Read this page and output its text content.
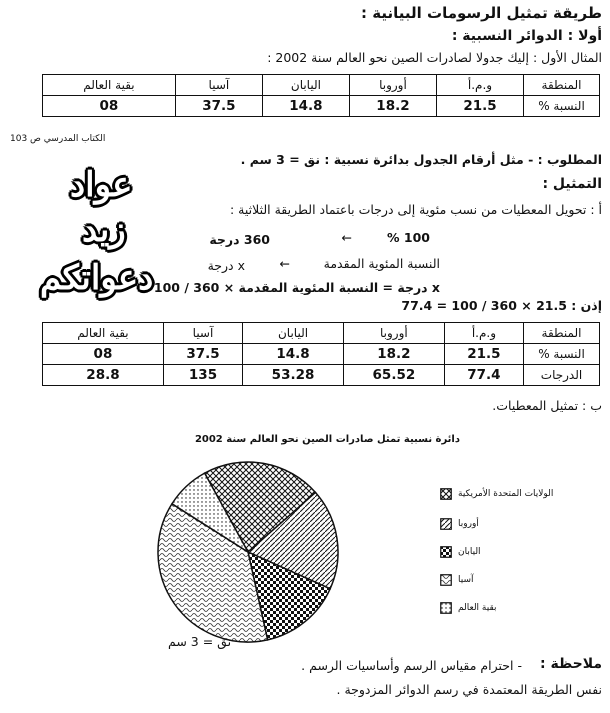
طريقة تمثيل الرسومات البيانية :
أولا : الدوائر النسبية :
المثال الأول : إليك جدولا لصادرات الصين نحو العالم سنة 2002 :
المنطقة	و.م.أ	أوروبا	اليابان	آسيا	بقية العالم
النسبة %	21.5	18.2	14.8	37.5	08
الكتاب المدرسي ص 103
عواد
زيد
دعواتكم
المطلوب : - مثل أرقام الجدول بدائرة نسبية : نق = 3 سم .
التمثيل :
أ : تحويل المعطيات من نسب مئوية إلى درجات باعتماد الطريقة الثلاثية :
100 %
←
360 درجة
النسبة المئوية المقدمة
←
x درجة
x درجة = النسبة المئوية المقدمة × 360 / 100
إذن : 21.5 × 360 / 100 = 77.4
المنطقة	و.م.أ	أوروبا	اليابان	آسيا	بقية العالم
النسبة %	21.5	18.2	14.8	37.5	08
الدرجات	77.4	65.52	53.28	135	28.8
ب : تمثيل المعطيات.
دائرة نسبية تمثل صادرات الصين نحو العالم سنة 2002
الولايات المتحدة الأمريكية
أوروبا
اليابان
آسيا
بقية العالم
نق = 3 سم
ملاحظة :
- احترام مقياس الرسم وأساسيات الرسم .
نفس الطريقة المعتمدة في رسم الدوائر المزدوجة .
